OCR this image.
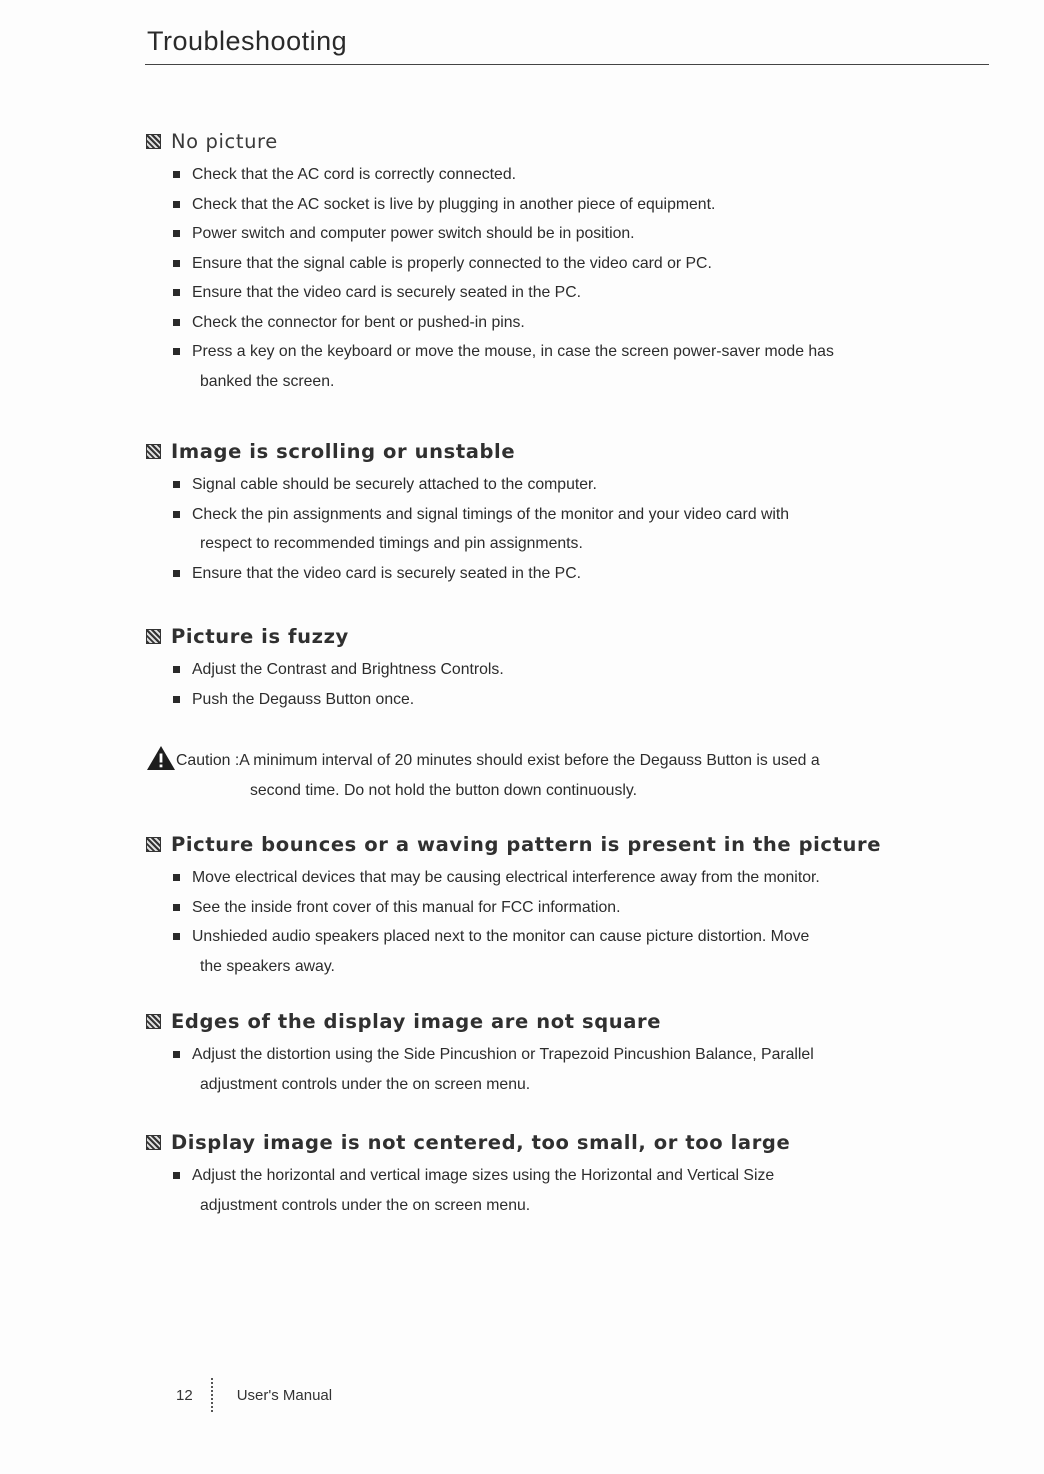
Troubleshooting
No picture
Check that the AC cord is correctly connected.
Check that the AC socket is live by plugging in another piece of equipment.
Power switch and computer power switch should be in position.
Ensure that the signal cable is properly connected to the video card or PC.
Ensure that the video card is securely seated in the PC.
Check the connector for bent or pushed-in pins.
Press a key on the keyboard or move the mouse, in case the screen power-saver mode has
banked the screen.
Image is scrolling or unstable
Signal cable should be securely attached to the computer.
Check the pin assignments and signal timings of the monitor and your video card with
respect to recommended timings and pin assignments.
Ensure that the video card is securely seated in the PC.
Picture is fuzzy
Adjust the Contrast and Brightness Controls.
Push the Degauss Button once.
Caution :A minimum interval of 20 minutes should exist before the Degauss Button is used a
second time. Do not hold the button down continuously.
Picture bounces or a waving pattern is present in the picture
Move electrical devices that may be causing electrical interference away from the monitor.
See the inside front cover of this manual for FCC information.
Unshieded audio speakers placed next to the monitor can cause picture distortion. Move
the speakers away.
Edges of the display image are not square
Adjust the distortion using the Side Pincushion or Trapezoid Pincushion Balance, Parallel
adjustment controls under the on screen menu.
Display image is not centered, too small, or too large
Adjust the horizontal and vertical image sizes using the Horizontal and Vertical Size
adjustment controls under the on screen menu.
12	User's Manual
